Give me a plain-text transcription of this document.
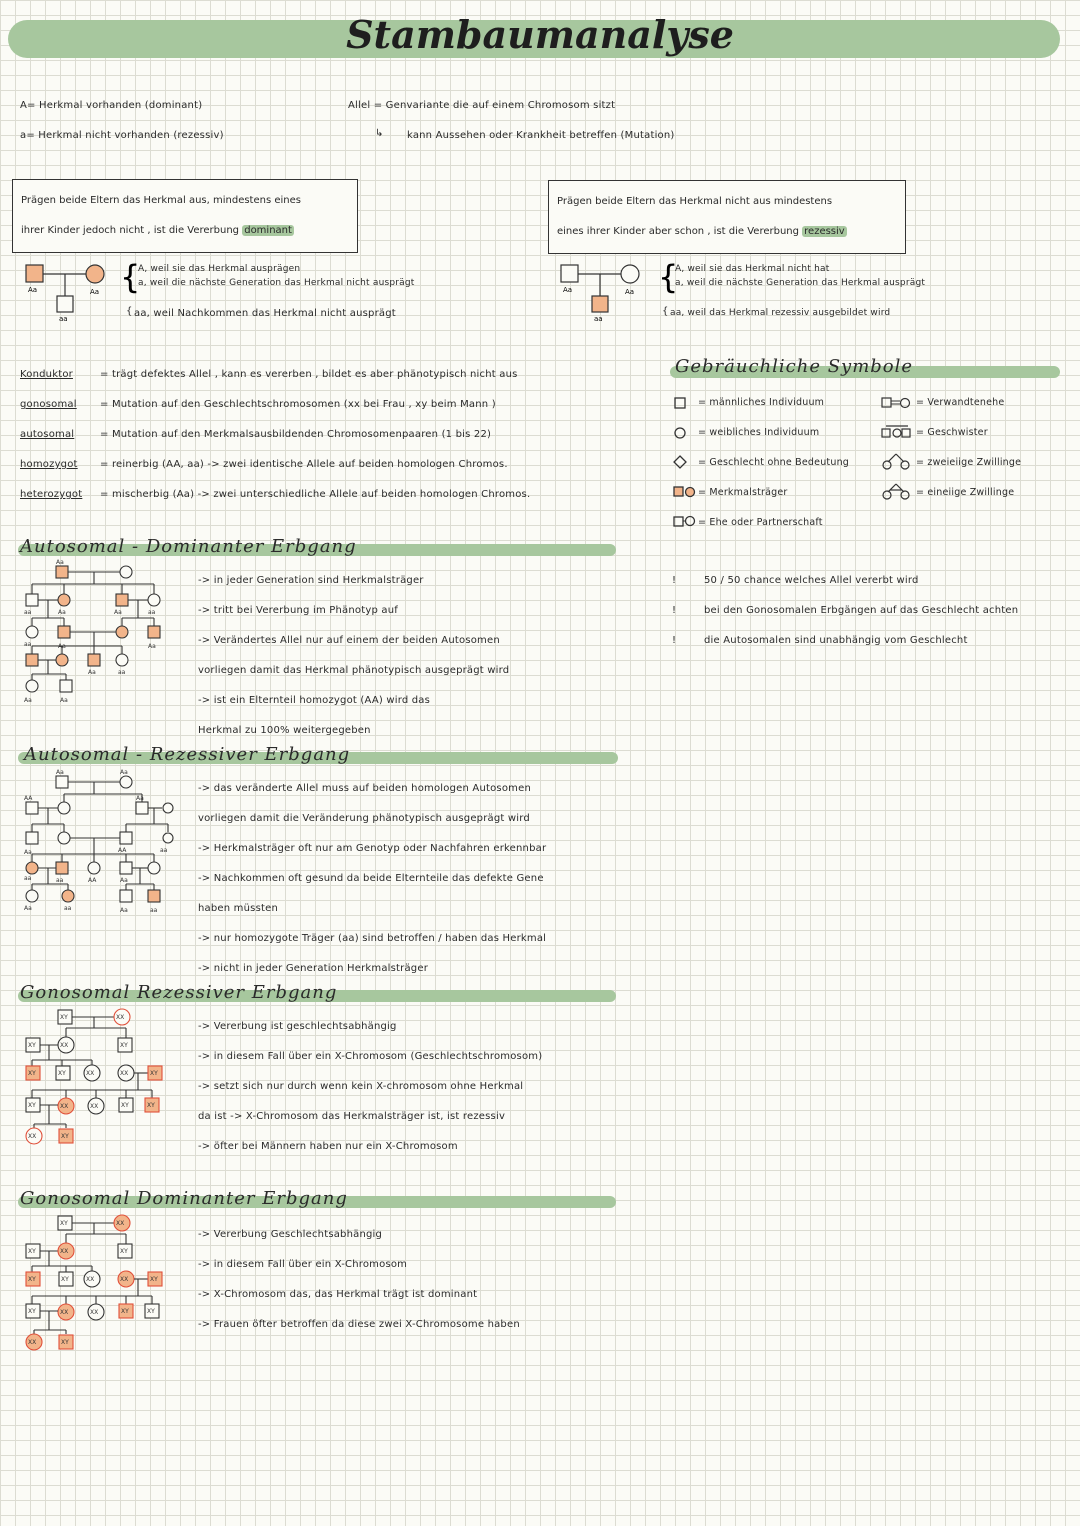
Stambaumanalyse
A= Herkmal vorhanden (dominant)
a= Herkmal nicht vorhanden (rezessiv)
Allel = Genvariante die auf einem Chromosom sitzt
↳ kann Aussehen oder Krankheit betreffen (Mutation)
Prägen beide Eltern das Herkmal aus, mindestens eines
ihrer Kinder jedoch nicht , ist die Vererbung dominant
Prägen beide Eltern das Herkmal nicht aus mindestens
eines ihrer Kinder aber schon , ist die Vererbung rezessiv
Aa	Aa
aa
{
A, weil sie das Herkmal ausprägen
a, weil die nächste Generation das Herkmal nicht ausprägt
{ aa, weil Nachkommen das Herkmal nicht ausprägt
Aa	Aa
aa
{
A, weil sie das Herkmal nicht hat
a, weil die nächste Generation das Herkmal ausprägt
{ aa, weil das Herkmal rezessiv ausgebildet wird
Konduktor	= trägt defektes Allel , kann es vererben , bildet es aber phänotypisch nicht aus
gonosomal = Mutation auf den Geschlechtschromosomen (xx bei Frau , xy beim Mann )
autosomal	= Mutation auf den Merkmalsausbildenden Chromosomenpaaren (1 bis 22)
homozygot = reinerbig (AA, aa) -> zwei identische Allele auf beiden homologen Chromos.
heterozygot = mischerbig (Aa) -> zwei unterschiedliche Allele auf beiden homologen Chromos.
Gebräuchliche Symbole
= männliches Individuum
= weibliches Individuum
= Geschlecht ohne Bedeutung
= Merkmalsträger
= Ehe oder Partnerschaft
= Verwandtenehe
= Geschwister
= zweieiige Zwillinge
= eineiige Zwillinge
!	50 / 50 chance welches Allel vererbt wird
!	bei den Gonosomalen Erbgängen auf das Geschlecht achten
!	die Autosomalen sind unabhängig vom Geschlecht
Autosomal - Dominanter Erbgang
Aa
aa	Aa	Aa	aa
aa	Aa	Aa
Aa	aa
Aa	Aa
-> in jeder Generation sind Herkmalsträger
-> tritt bei Vererbung im Phänotyp auf
-> Verändertes Allel nur auf einem der beiden Autosomen
vorliegen damit das Herkmal phänotypisch ausgeprägt wird
-> ist ein Elternteil homozygot (AA) wird das
Herkmal zu 100% weitergegeben
Autosomal - Rezessiver Erbgang
Aa	Aa
AA	Aa
Aa	AA	aa
aa	aa	AA	Aa
Aa	aa	Aa	aa
-> das veränderte Allel muss auf beiden homologen Autosomen
vorliegen damit die Veränderung phänotypisch ausgeprägt wird
-> Herkmalsträger oft nur am Genotyp oder Nachfahren erkennbar
-> Nachkommen oft gesund da beide Elternteile das defekte Gene
haben müssten
-> nur homozygote Träger (aa) sind betroffen / haben das Herkmal
-> nicht in jeder Generation Herkmalsträger
Gonosomal Rezessiver Erbgang
XY	XX
XY	XX	XY
XY	XY	XX	XX	XY
XY	XX	XX	XY	XY
XX	XY
-> Vererbung ist geschlechtsabhängig
-> in diesem Fall über ein X-Chromosom (Geschlechtschromosom)
-> setzt sich nur durch wenn kein X-chromosom ohne Herkmal
da ist -> X-Chromosom das Herkmalsträger ist, ist rezessiv
-> öfter bei Männern haben nur ein X-Chromosom
Gonosomal Dominanter Erbgang
XY	XX
XY	XX	XY
XY	XY	XX	XX	XY
XY	XX	XX	XY	XY
XX	XY
-> Vererbung Geschlechtsabhängig
-> in diesem Fall über ein X-Chromosom
-> X-Chromosom das, das Herkmal trägt ist dominant
-> Frauen öfter betroffen da diese zwei X-Chromosome haben
